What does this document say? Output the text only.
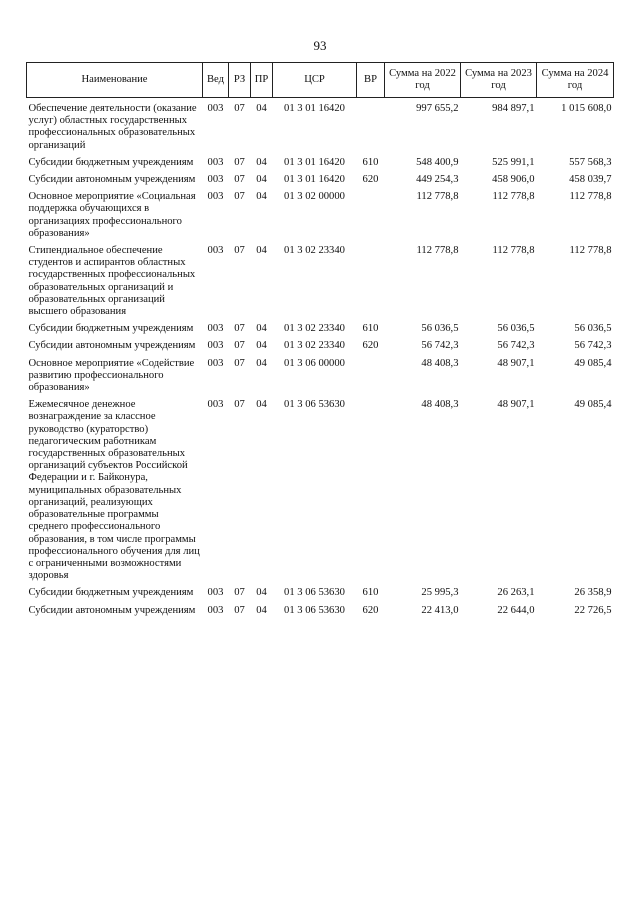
93
Наименование	Вед	РЗ	ПР	ЦСР	ВР	Сумма на 2022 год	Сумма на 2023 год	Сумма на 2024 год
Обеспечение деятельности (оказание услуг) областных государственных профессиональных образовательных организаций	003	07	04	01 3 01 16420		997 655,2	984 897,1	1 015 608,0
Субсидии бюджетным учреждениям	003	07	04	01 3 01 16420	610	548 400,9	525 991,1	557 568,3
Субсидии автономным учреждениям	003	07	04	01 3 01 16420	620	449 254,3	458 906,0	458 039,7
Основное мероприятие «Социальная поддержка обучающихся в организациях профессионального образования»	003	07	04	01 3 02 00000		112 778,8	112 778,8	112 778,8
Стипендиальное обеспечение студентов и аспирантов областных государственных профессиональных образовательных организаций и образовательных организаций высшего образования	003	07	04	01 3 02 23340		112 778,8	112 778,8	112 778,8
Субсидии бюджетным учреждениям	003	07	04	01 3 02 23340	610	56 036,5	56 036,5	56 036,5
Субсидии автономным учреждениям	003	07	04	01 3 02 23340	620	56 742,3	56 742,3	56 742,3
Основное мероприятие «Содействие развитию профессионального образования»	003	07	04	01 3 06 00000		48 408,3	48 907,1	49 085,4
Ежемесячное денежное вознаграждение за классное руководство (кураторство) педагогическим работникам государственных образовательных организаций субъектов Российской Федерации и г. Байконура, муниципальных образовательных организаций, реализующих образовательные программы среднего профессионального образования, в том числе программы профессионального обучения для лиц с ограниченными возможностями здоровья	003	07	04	01 3 06 53630		48 408,3	48 907,1	49 085,4
Субсидии бюджетным учреждениям	003	07	04	01 3 06 53630	610	25 995,3	26 263,1	26 358,9
Субсидии автономным учреждениям	003	07	04	01 3 06 53630	620	22 413,0	22 644,0	22 726,5
